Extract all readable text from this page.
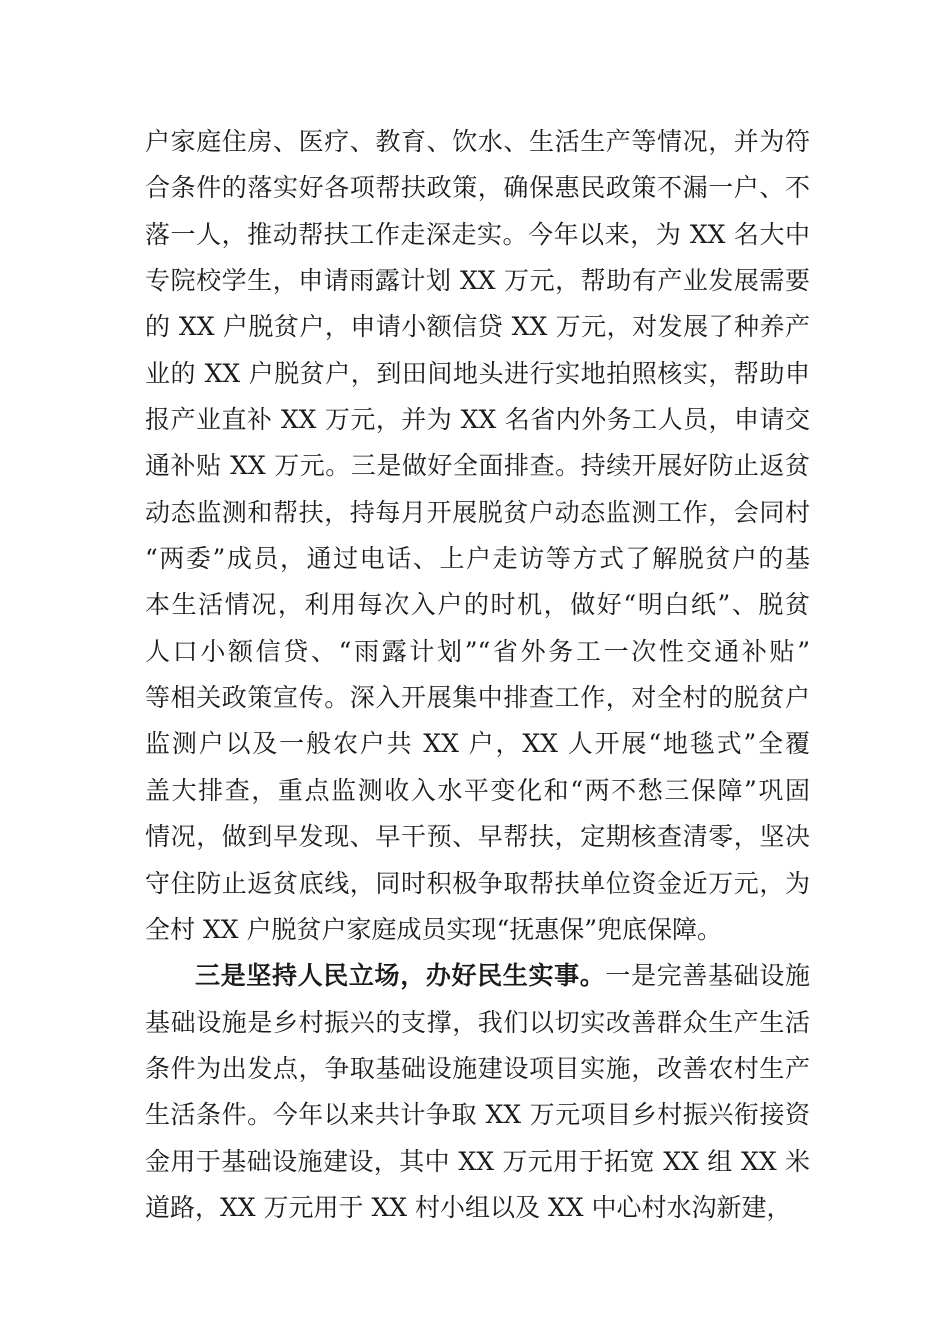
户家庭住房、医疗、教育、饮水、生活生产等情况，并为符
合条件的落实好各项帮扶政策，确保惠民政策不漏一户、不
落一人，推动帮扶工作走深走实。今年以来，为 XX 名大中
专院校学生，申请雨露计划 XX 万元，帮助有产业发展需要
的 XX 户脱贫户，申请小额信贷 XX 万元，对发展了种养产
业的 XX 户脱贫户，到田间地头进行实地拍照核实，帮助申
报产业直补 XX 万元，并为 XX 名省内外务工人员，申请交
通补贴 XX 万元。三是做好全面排查。持续开展好防止返贫
动态监测和帮扶，持每月开展脱贫户动态监测工作，会同村
“两委”成员，通过电话、上户走访等方式了解脱贫户的基
本生活情况，利用每次入户的时机，做好“明白纸”、脱贫
人口小额信贷、“雨露计划”“省外务工一次性交通补贴”
等相关政策宣传。深入开展集中排查工作，对全村的脱贫户
监测户以及一般农户共 XX 户，XX 人开展“地毯式”全覆
盖大排查，重点监测收入水平变化和“两不愁三保障”巩固
情况，做到早发现、早干预、早帮扶，定期核查清零，坚决
守住防止返贫底线，同时积极争取帮扶单位资金近万元，为
全村 XX 户脱贫户家庭成员实现“抚惠保”兜底保障。
三是坚持人民立场，办好民生实事。一是完善基础设施
基础设施是乡村振兴的支撑，我们以切实改善群众生产生活
条件为出发点，争取基础设施建设项目实施，改善农村生产
生活条件。今年以来共计争取 XX 万元项目乡村振兴衔接资
金用于基础设施建设，其中 XX 万元用于拓宽 XX 组 XX 米
道路，XX 万元用于 XX 村小组以及 XX 中心村水沟新建，
